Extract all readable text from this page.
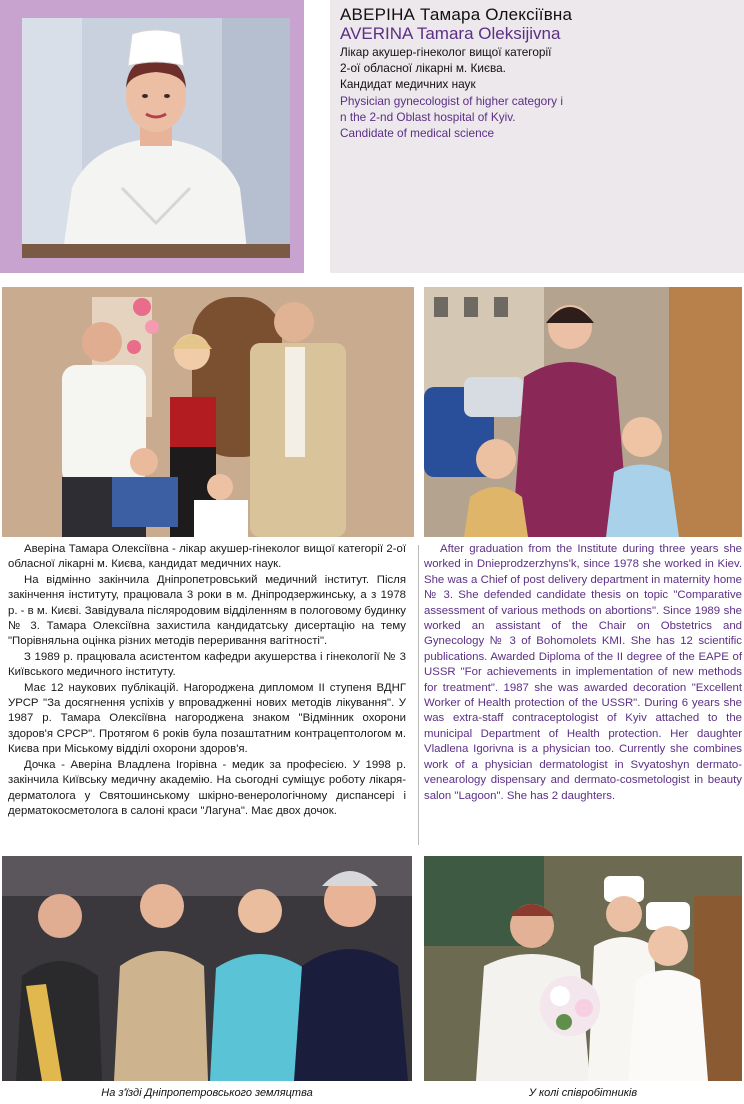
АВЕРІНА Тамара Олексіївна
AVERINA Tamara Oleksijivna
Лікар акушер-гінеколог вищої категорії
2-ої обласної лікарні м. Києва.
Кандидат медичних наук
Physician gynecologist of higher category i
n the 2-nd Oblast hospital of Kyiv.
Candidate of medical science

Аверіна Тамара Олексіївна - лікар акушер-гінеколог вищої категорії 2-ої обласної лікарні м. Києва, кандидат медичних наук.

На відмінно закінчила Дніпропетровський медичний інститут. Після закінчення інституту, працювала 3 роки в м. Дніпродзержинську, а з 1978 р. - в м. Києві. Завідувала післяродовим відділенням в пологовому будинку № 3. Тамара Олексіївна захистила кандидатську дисертацію на тему "Порівняльна оцінка різних методів переривання вагітності".

З 1989 р. працювала асистентом кафедри акушерства і гінекології № 3 Київського медичного інституту.

Має 12 наукових публікацій. Нагороджена дипломом II ступеня ВДНГ УРСР "За досягнення успіхів у впровадженні нових методів лікування". У 1987 р. Тамара Олексіївна нагороджена знаком "Відмінник охорони здоров'я СРСР". Протягом 6 років була позаштатним контрацептологом м. Києва при Міському відділі охорони здоров'я.

Дочка - Аверіна Владлена Ігорівна - медик за професією. У 1998 р. закінчила Київську медичну академію. На сьогодні суміщує роботу лікаря-дерматолога у Святошинському шкірно-венерологічному диспансері і дерматокосметолога в салоні краси "Лагуна". Має двох дочок.

After graduation from the Institute during three years she worked in Dnieprodzerzhyns'k, since 1978 she worked in Kiev. She was a Chief of post delivery department in maternity home № 3. She defended candidate thesis on topic "Comparative assessment of various methods on abortions". Since 1989 she worked an assistant of the Chair on Obstetrics and Gynecology № 3 of Bohomolets KMI. She has 12 scientific publications. Awarded Diploma of the II degree of the EAPE of USSR "For achievements in implementation of new methods for treatment". 1987 she was awarded decoration "Excellent Worker of Health protection of the USSR". During 6 years she was extra-staff contraceptologist of Kyiv attached to the municipal Department of Health protection. Her daughter Vladlena Igorivna is a physician too. Currently she combines work of a physician dermatologist in Svyatoshyn dermato-venearology dispensary and dermato-cosmetologist in beauty salon "Lagoon". She has 2 daughters.

На з'їзді Дніпропетровського земляцтва	У колі співробітників
